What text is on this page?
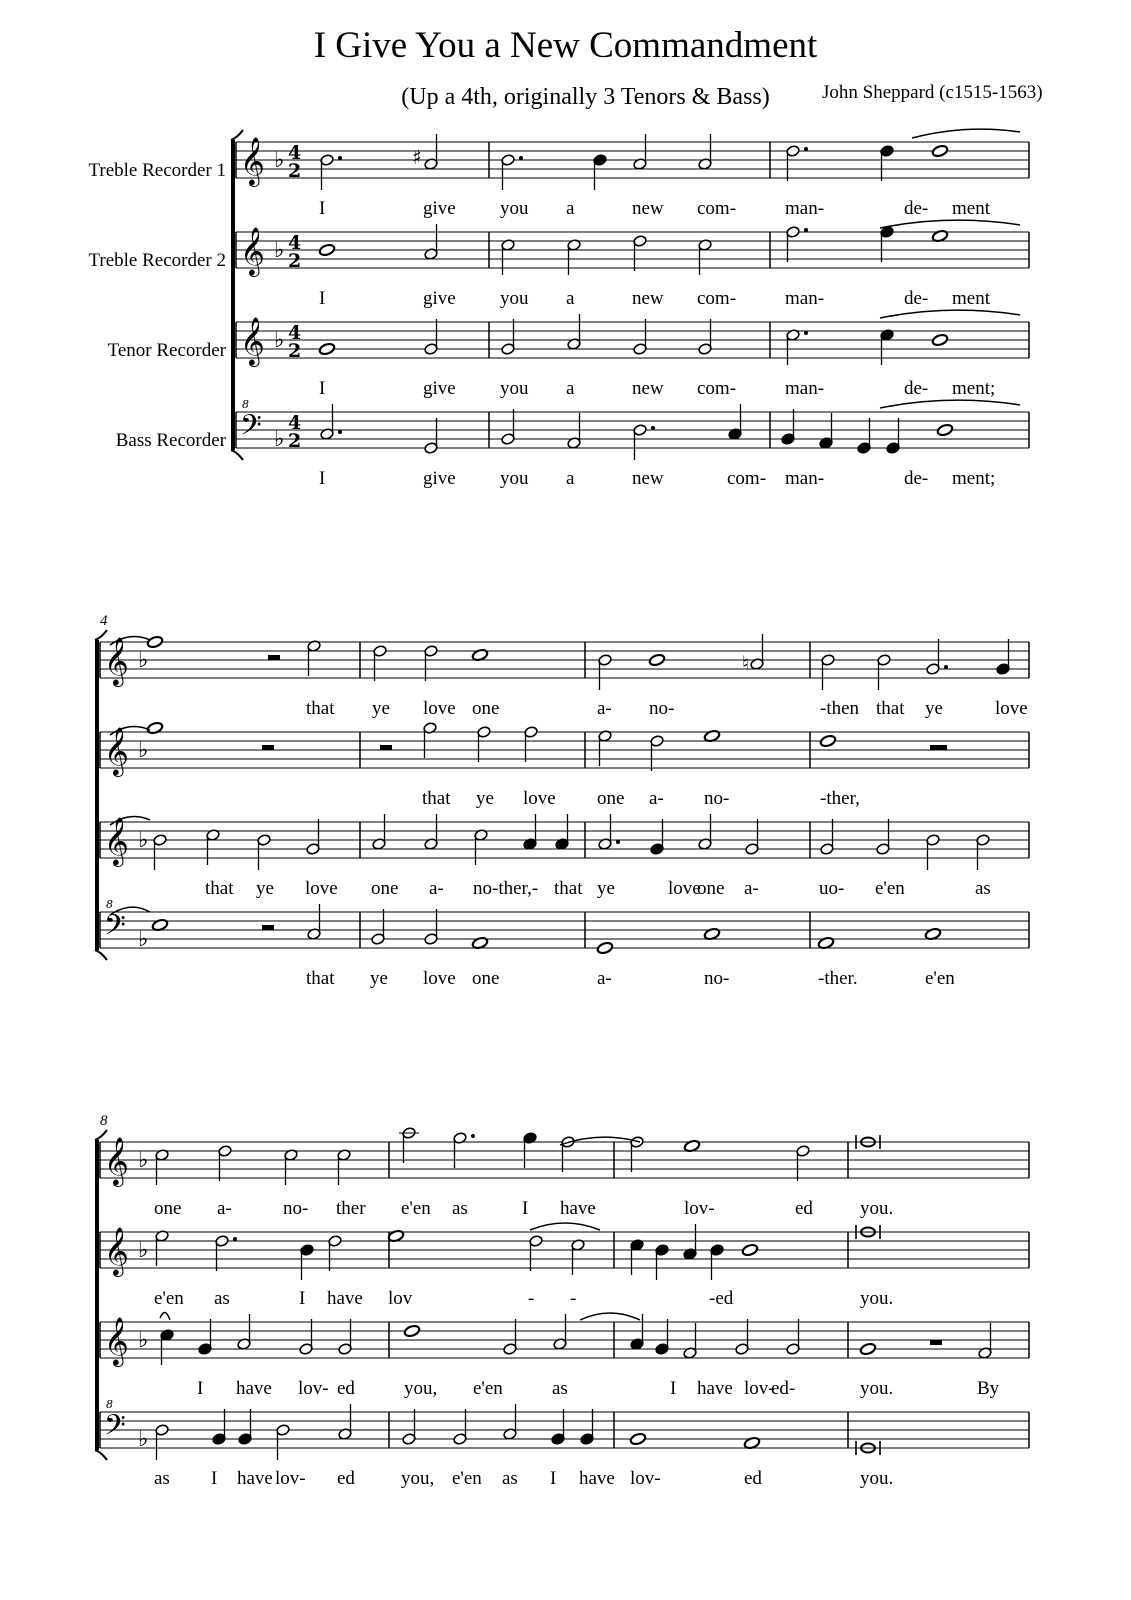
I Give You a New Commandment
(Up a 4th, originally 3 Tenors & Bass)	John Sheppard (c1515-1563)
Treble Recorder 1
Treble Recorder 2
Tenor Recorder
Bass Recorder
4
8
𝄞 ♭ 4
2
𝄞 ♭ 4
2
𝄞 ♭ 4
2
𝄢
8
♭
4
2
𝄞 ♭
𝄞 ♭
𝄞 ♭
𝄢
8
♭
𝄞 ♭
𝄞 ♭
𝄞 ♭
𝄢
8
♭
♯
♮
I	give you a	new com-	man-	de- ment
I	give you a	new com-	man-	de- ment
I	give you a	new com-	man-	de- ment;
I	give you a	new	com- man-	de- ment;
that ye love one	a- no-	-then that ye	love
that ye love one a- no-	-ther,
that ye love one a- no-ther,- that ye	love
one a-	uo- e'en	as
that ye love one	a-	no-	-ther.	e'en
one a-	no- ther e'en as	I have	lov-	ed you.
e'en as	I have lov	- -	-ed	you.
I have lov- ed	you, e'en	as	I have lov-
ed-	you.	By
as I have lov- ed you, e'en as I have lov-	ed	you.
